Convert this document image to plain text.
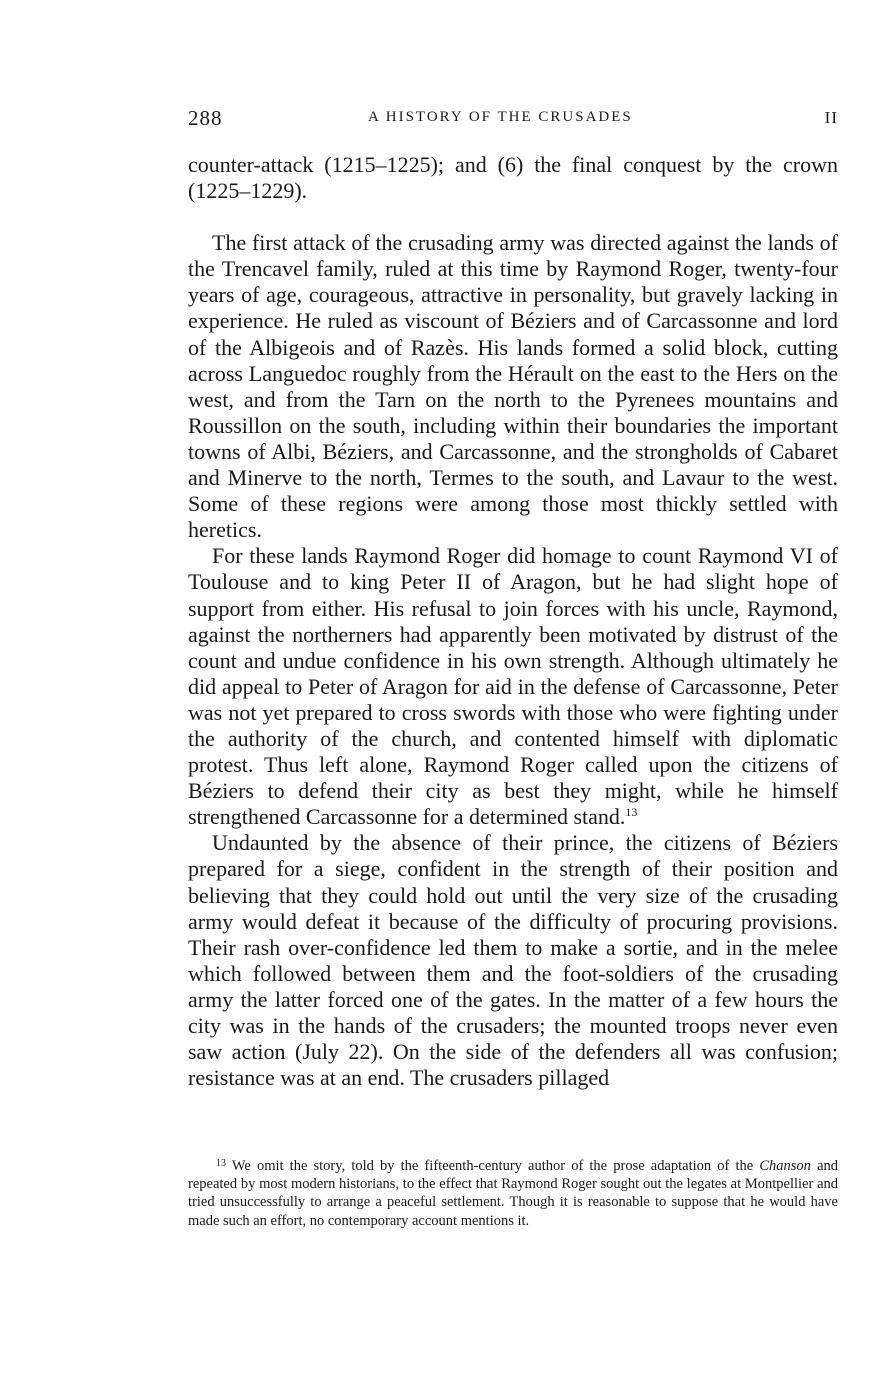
288	A HISTORY OF THE CRUSADES	II

counter-attack (1215–1225); and (6) the final conquest by the crown (1225–1229).

The first attack of the crusading army was directed against the lands of the Trencavel family, ruled at this time by Raymond Roger, twenty-four years of age, courageous, attractive in personality, but gravely lacking in experience. He ruled as viscount of Béziers and of Carcassonne and lord of the Albigeois and of Razès. His lands formed a solid block, cutting across Languedoc roughly from the Hérault on the east to the Hers on the west, and from the Tarn on the north to the Pyrenees mountains and Roussillon on the south, including within their boundaries the important towns of Albi, Béziers, and Carcassonne, and the strongholds of Cabaret and Minerve to the north, Termes to the south, and Lavaur to the west. Some of these regions were among those most thickly settled with heretics.

For these lands Raymond Roger did homage to count Raymond VI of Toulouse and to king Peter II of Aragon, but he had slight hope of support from either. His refusal to join forces with his uncle, Raymond, against the northerners had apparently been motivated by distrust of the count and undue confidence in his own strength. Although ultimately he did appeal to Peter of Aragon for aid in the defense of Carcassonne, Peter was not yet prepared to cross swords with those who were fighting under the authority of the church, and contented himself with diplomatic protest. Thus left alone, Raymond Roger called upon the citizens of Béziers to defend their city as best they might, while he himself strengthened Carcassonne for a determined stand.$^{13}$

Undaunted by the absence of their prince, the citizens of Béziers prepared for a siege, confident in the strength of their position and believing that they could hold out until the very size of the crusading army would defeat it because of the difficulty of procuring provisions. Their rash over-confidence led them to make a sortie, and in the melee which followed between them and the foot-soldiers of the crusading army the latter forced one of the gates. In the matter of a few hours the city was in the hands of the crusaders; the mounted troops never even saw action (July 22). On the side of the defenders all was confusion; resistance was at an end. The crusaders pillaged

$^{13}$ We omit the story, told by the fifteenth-century author of the prose adaptation of the Chanson and repeated by most modern historians, to the effect that Raymond Roger sought out the legates at Montpellier and tried unsuccessfully to arrange a peaceful settlement. Though it is reasonable to suppose that he would have made such an effort, no contemporary account mentions it.
